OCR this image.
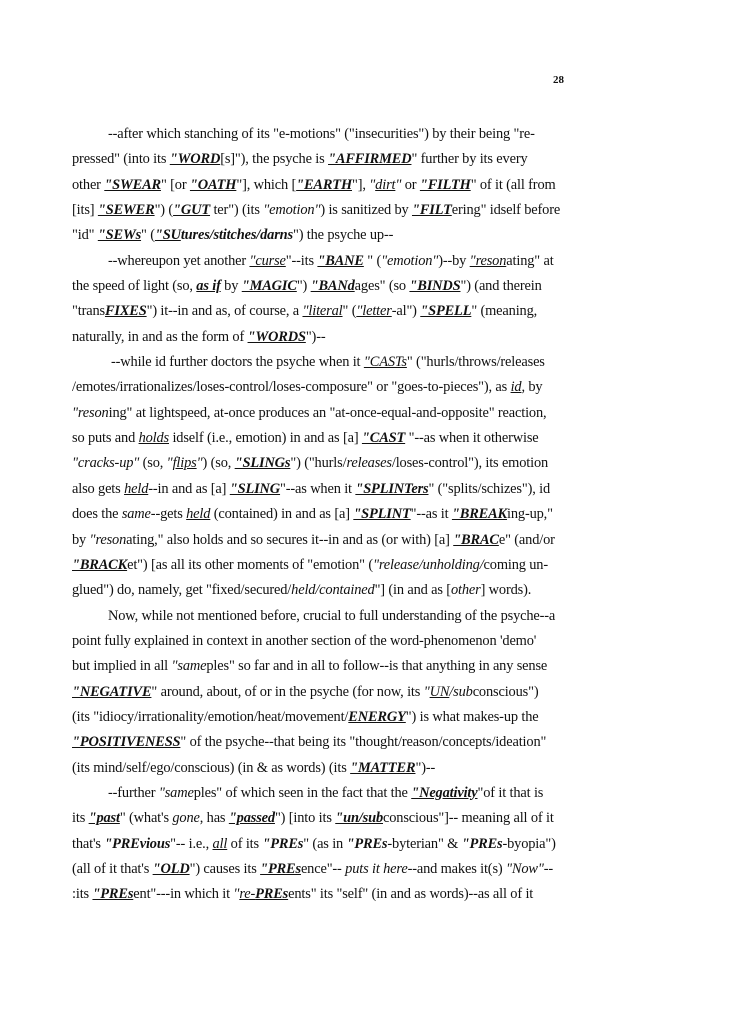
28
--after which stanching of its "e-motions" ("insecurities") by their being "re-
pressed" (into its "WORD[s]"), the psyche is "AFFIRMED" further by its every
other "SWEAR" [or "OATH"], which ["EARTH"], "dirt" or "FILTH" of it (all from
[its] "SEWER") ("GUT ter") (its "emotion") is sanitized by "FILTering" idself before
"id" "SEWs" ("SUtures/stitches/darns") the psyche up--
--whereupon yet another "curse"--its "BANE " ("emotion")--by "resonating" at
the speed of light (so, as if by "MAGIC") "BANdages" (so "BINDS") (and therein
"transFIXES") it--in and as, of course, a "literal" ("letter-al") "SPELL" (meaning,
naturally, in and as the form of "WORDS")--
--while id further doctors the psyche when it "CASTs" ("hurls/throws/releases
/emotes/irrationalizes/loses-control/loses-composure" or "goes-to-pieces"), as id, by
"resoning" at lightspeed, at-once produces an "at-once-equal-and-opposite" reaction,
so puts and holds idself (i.e., emotion) in and as [a] "CAST "--as when it otherwise
"cracks-up" (so, "flips") (so, "SLINGs") ("hurls/releases/loses-control"), its emotion
also gets held--in and as [a] "SLING"--as when it "SPLINTers" ("splits/schizes"), id
does the same--gets held (contained) in and as [a] "SPLINT"--as it "BREAKing-up,"
by "resonating," also holds and so secures it--in and as (or with) [a] "BRACe" (and/or
"BRACKet") [as all its other moments of "emotion" ("release/unholding/coming un-
glued") do, namely, get "fixed/secured/held/contained"] (in and as [other] words).
Now, while not mentioned before, crucial to full understanding of the psyche--a
point fully explained in context in another section of the word-phenomenon 'demo'
but implied in all "sameples" so far and in all to follow--is that anything in any sense
"NEGATIVE" around, about, of or in the psyche (for now, its "UN/subconscious")
(its "idiocy/irrationality/emotion/heat/movement/ENERGY") is what makes-up the
"POSITIVENESS" of the psyche--that being its "thought/reason/concepts/ideation"
(its mind/self/ego/conscious) (in & as words) (its "MATTER")--
--further "sameples" of which seen in the fact that the "Negativity"of it that is
its "past" (what's gone, has "passed") [into its "un/subconscious"]-- meaning all of it
that's "PREvious"-- i.e., all of its "PREs" (as in "PREs-byterian" & "PREs-byopia")
(all of it that's "OLD") causes its "PREsence"-- puts it here--and makes it(s) "Now"--
:its "PREsent"---in which it "re-PREsents" its "self" (in and as words)--as all of it
